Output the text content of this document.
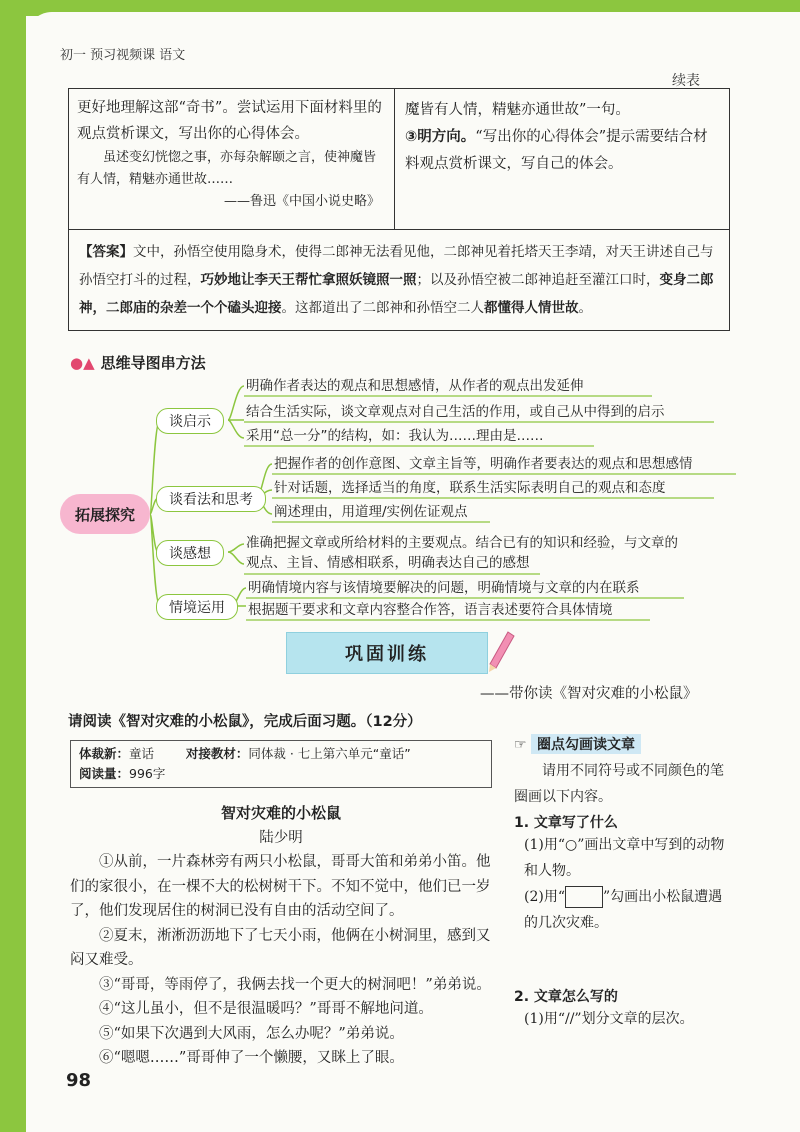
初一 预习视频课 语文
续表
更好地理解这部“奇书”。尝试运用下面材料里的观点赏析课文，写出你的心得体会。
虽述变幻恍惚之事，亦每杂解颐之言，使神魔皆有人情，精魅亦通世故……
——鲁迅《中国小说史略》
魔皆有人情，精魅亦通世故”一句。
③明方向。“写出你的心得体会”提示需要结合材料观点赏析课文，写自己的体会。
【答案】文中，孙悟空使用隐身术，使得二郎神无法看见他，二郎神见着托塔天王李靖，对天王讲述自己与孙悟空打斗的过程，巧妙地让李天王帮忙拿照妖镜照一照；以及孙悟空被二郎神追赶至灌江口时，变身二郎神，二郎庙的杂差一个个磕头迎接。这都道出了二郎神和孙悟空二人都懂得人情世故。
●▲ 思维导图串方法
拓展探究
谈启示
谈看法和思考
谈感想
情境运用
明确作者表达的观点和思想感情，从作者的观点出发延伸
结合生活实际，谈文章观点对自己生活的作用，或自己从中得到的启示
采用“总一分”的结构，如：我认为……理由是……
把握作者的创作意图、文章主旨等，明确作者要表达的观点和思想感情
针对话题，选择适当的角度，联系生活实际表明自己的观点和态度
阐述理由，用道理/实例佐证观点
准确把握文章或所给材料的主要观点。结合已有的知识和经验，与文章的
观点、主旨、情感相联系，明确表达自己的感想
明确情境内容与该情境要解决的问题，明确情境与文章的内在联系
根据题干要求和文章内容整合作答，语言表述要符合具体情境
巩固训练
——带你读《智对灾难的小松鼠》
请阅读《智对灾难的小松鼠》，完成后面习题。（12分）
体裁新：童话	对接教材：同体裁 · 七上第六单元“童话”
阅读量：996字
智对灾难的小松鼠
陆少明

①从前，一片森林旁有两只小松鼠，哥哥大笛和弟弟小笛。他们的家很小，在一棵不大的松树树干下。不知不觉中，他们已一岁了，他们发现居住的树洞已没有自由的活动空间了。

②夏末，淅淅沥沥地下了七天小雨，他俩在小树洞里，感到又闷又难受。

③“哥哥，等雨停了，我俩去找一个更大的树洞吧！”弟弟说。

④“这儿虽小，但不是很温暖吗？”哥哥不解地问道。

⑤“如果下次遇到大风雨，怎么办呢？”弟弟说。

⑥“嗯嗯……”哥哥伸了一个懒腰，又眯上了眼。

☞ 圈点勾画读文章
请用不同符号或不同颜色的笔圈画以下内容。
1. 文章写了什么
(1)用“○”画出文章中写到的动物和人物。
(2)用“	”勾画出小松鼠遭遇的几次灾难。
2. 文章怎么写的
(1)用“//”划分文章的层次。
98
